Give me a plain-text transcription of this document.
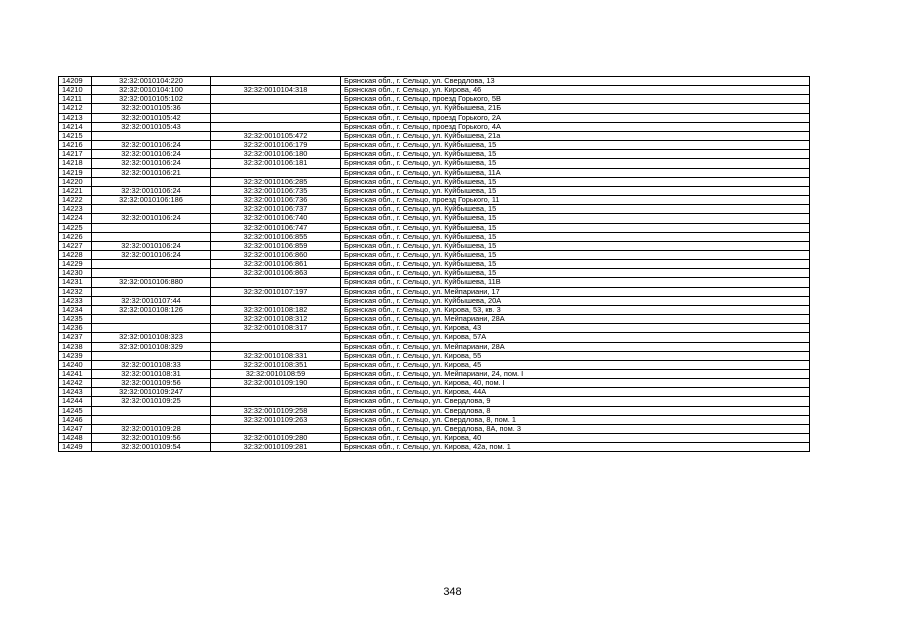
14209	32:32:0010104:220		Брянская обл., г. Сельцо, ул. Свердлова, 13
14210	32:32:0010104:100	32:32:0010104:318	Брянская обл., г. Сельцо, ул. Кирова, 46
14211	32:32:0010105:102		Брянская обл., г. Сельцо, проезд Горького, 5В
14212	32:32:0010105:36		Брянская обл., г. Сельцо, ул. Куйбышева, 21Б
14213	32:32:0010105:42		Брянская обл., г. Сельцо, проезд Горького, 2А
14214	32:32:0010105:43		Брянская обл., г. Сельцо, проезд Горького, 4А
14215		32:32:0010105:472	Брянская обл., г. Сельцо, ул. Куйбышева, 21а
14216	32:32:0010106:24	32:32:0010106:179	Брянская обл., г. Сельцо, ул. Куйбышева, 15
14217	32:32:0010106:24	32:32:0010106:180	Брянская обл., г. Сельцо, ул. Куйбышева, 15
14218	32:32:0010106:24	32:32:0010106:181	Брянская обл., г. Сельцо, ул. Куйбышева, 15
14219	32:32:0010106:21		Брянская обл., г. Сельцо, ул. Куйбышева, 11А
14220		32:32:0010106:285	Брянская обл., г. Сельцо, ул. Куйбышева, 15
14221	32:32:0010106:24	32:32:0010106:735	Брянская обл., г. Сельцо, ул. Куйбышева, 15
14222	32:32:0010106:186	32:32:0010106:736	Брянская обл., г. Сельцо, проезд Горького, 11
14223		32:32:0010106:737	Брянская обл., г. Сельцо, ул. Куйбышева, 15
14224	32:32:0010106:24	32:32:0010106:740	Брянская обл., г. Сельцо, ул. Куйбышева, 15
14225		32:32:0010106:747	Брянская обл., г. Сельцо, ул. Куйбышева, 15
14226		32:32:0010106:855	Брянская обл., г. Сельцо, ул. Куйбышева, 15
14227	32:32:0010106:24	32:32:0010106:859	Брянская обл., г. Сельцо, ул. Куйбышева, 15
14228	32:32:0010106:24	32:32:0010106:860	Брянская обл., г. Сельцо, ул. Куйбышева, 15
14229		32:32:0010106:861	Брянская обл., г. Сельцо, ул. Куйбышева, 15
14230		32:32:0010106:863	Брянская обл., г. Сельцо, ул. Куйбышева, 15
14231	32:32:0010106:880		Брянская обл., г. Сельцо, ул. Куйбышева, 11В
14232		32:32:0010107:197	Брянская обл., г. Сельцо, ул. Мейпариани, 17
14233	32:32:0010107:44		Брянская обл., г. Сельцо, ул. Куйбышева, 20А
14234	32:32:0010108:126	32:32:0010108:182	Брянская обл., г. Сельцо, ул. Кирова, 53, кв. 3
14235		32:32:0010108:312	Брянская обл., г. Сельцо, ул. Мейпариани, 28А
14236		32:32:0010108:317	Брянская обл., г. Сельцо, ул. Кирова, 43
14237	32:32:0010108:323		Брянская обл., г. Сельцо, ул. Кирова, 57А
14238	32:32:0010108:329		Брянская обл., г. Сельцо, ул. Мейпариани, 28А
14239		32:32:0010108:331	Брянская обл., г. Сельцо, ул. Кирова, 55
14240	32:32:0010108:33	32:32:0010108:351	Брянская обл., г. Сельцо, ул. Кирова, 45
14241	32:32:0010108:31	32:32:0010108:59	Брянская обл., г. Сельцо, ул. Мейпариани, 24, пом. I
14242	32:32:0010109:56	32:32:0010109:190	Брянская обл., г. Сельцо, ул. Кирова, 40, пом. I
14243	32:32:0010109:247		Брянская обл., г. Сельцо, ул. Кирова, 44А
14244	32:32:0010109:25		Брянская обл., г. Сельцо, ул. Свердлова, 9
14245		32:32:0010109:258	Брянская обл., г. Сельцо, ул. Свердлова, 8
14246		32:32:0010109:263	Брянская обл., г. Сельцо, ул. Свердлова, 8, пом. 1
14247	32:32:0010109:28		Брянская обл., г. Сельцо, ул. Свердлова, 8А, пом. 3
14248	32:32:0010109:56	32:32:0010109:280	Брянская обл., г. Сельцо, ул. Кирова, 40
14249	32:32:0010109:54	32:32:0010109:281	Брянская обл., г. Сельцо, ул. Кирова, 42а, пом. 1
348
